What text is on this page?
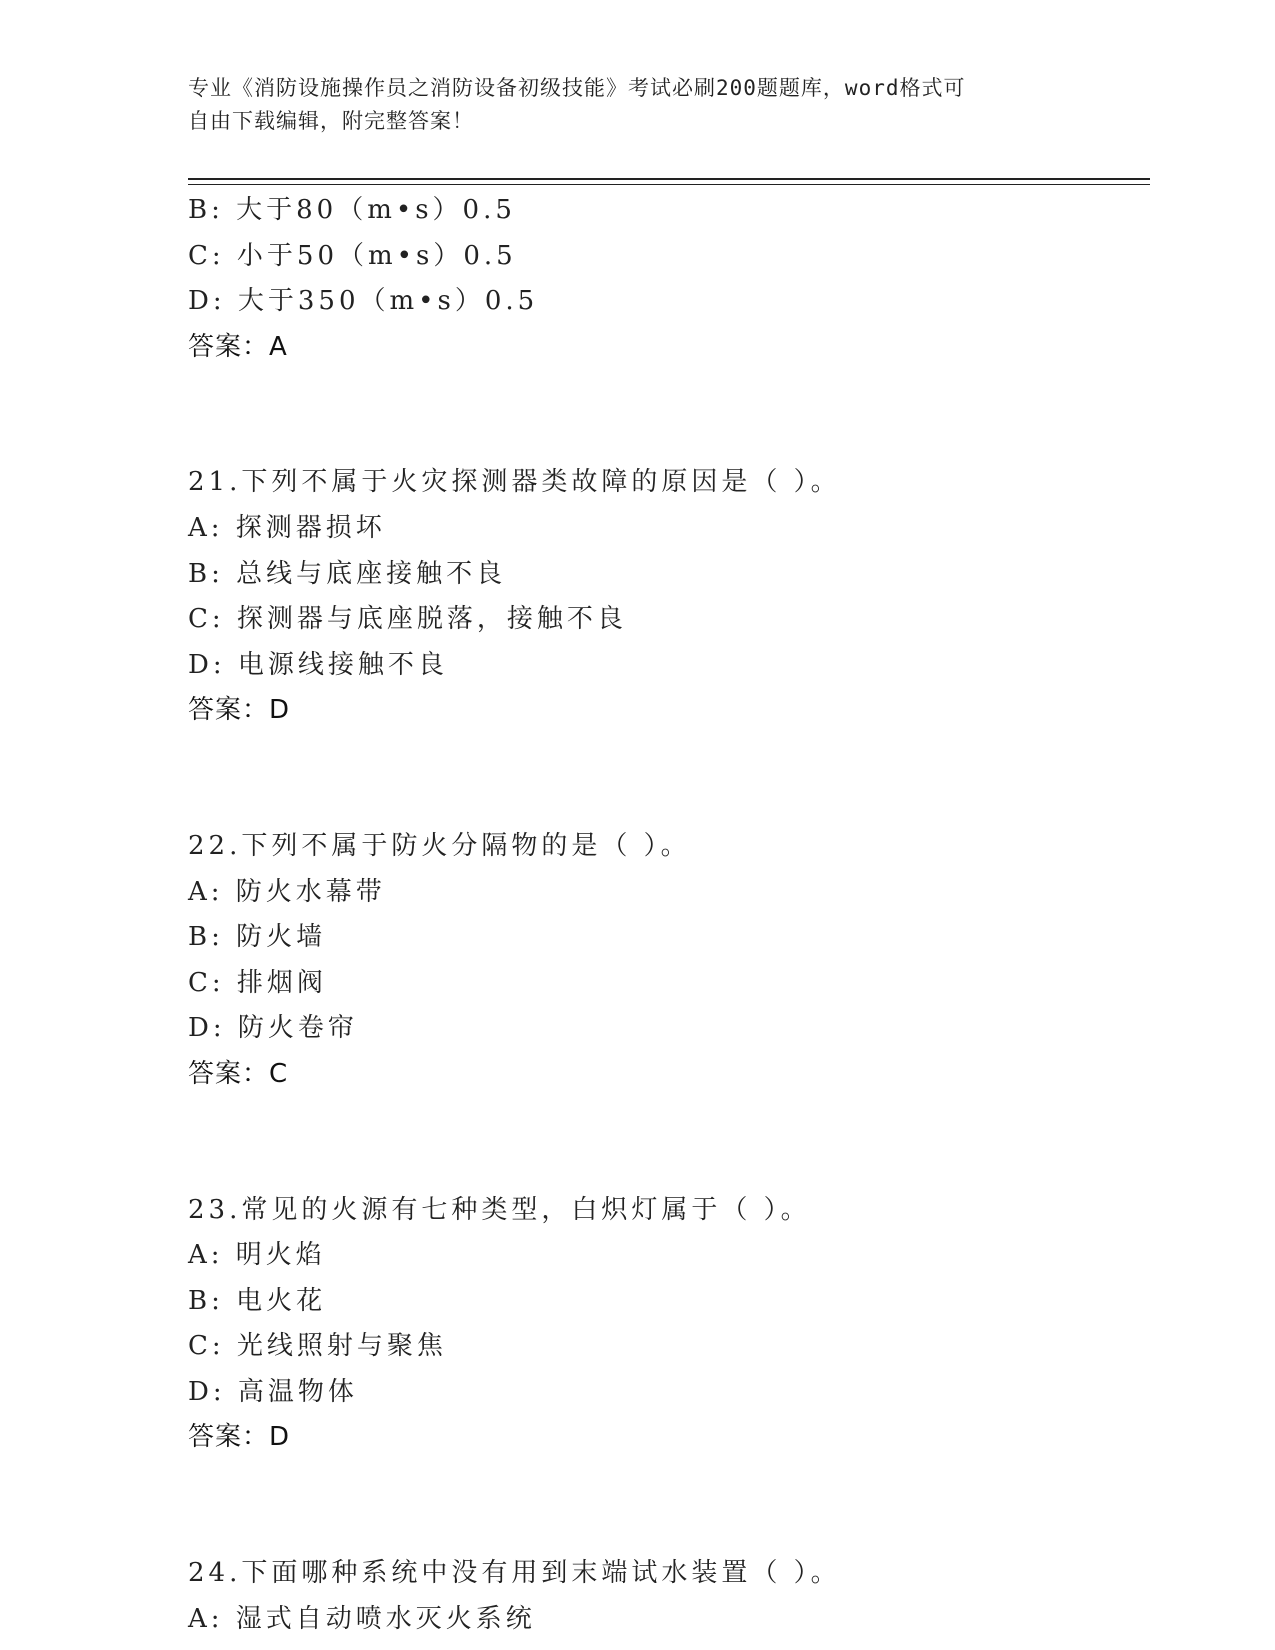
专业《消防设施操作员之消防设备初级技能》考试必刷200题题库，word格式可
自由下载编辑，附完整答案！
B: 大于80（m•s）0.5
C: 小于50（m•s）0.5
D: 大于350（m•s）0.5
答案：A
21.下列不属于火灾探测器类故障的原因是（ ）。
A: 探测器损坏
B: 总线与底座接触不良
C: 探测器与底座脱落，接触不良
D: 电源线接触不良
答案：D
22.下列不属于防火分隔物的是（ ）。
A: 防火水幕带
B: 防火墙
C: 排烟阀
D: 防火卷帘
答案：C
23.常见的火源有七种类型，白炽灯属于（ ）。
A: 明火焰
B: 电火花
C: 光线照射与聚焦
D: 高温物体
答案：D
24.下面哪种系统中没有用到末端试水装置（ ）。
A: 湿式自动喷水灭火系统
